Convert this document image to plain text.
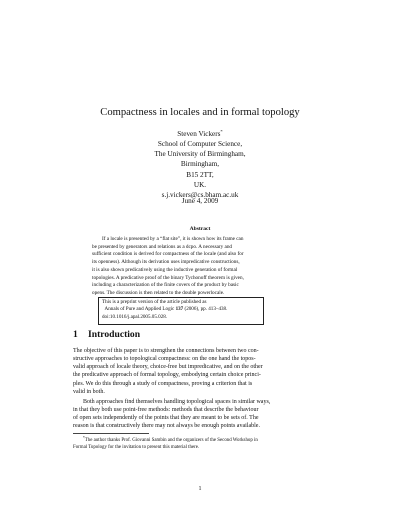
Compactness in locales and in formal topology
Steven Vickers*
School of Computer Science,
The University of Birmingham,
Birmingham,
B15 2TT,
UK.
s.j.vickers@cs.bham.ac.uk
June 4, 2009
Abstract
If a locale is presented by a “flat site”, it is shown how its frame can
be presented by generators and relations as a dcpo. A necessary and
sufficient condition is derived for compactness of the locale (and also for
its openness). Although its derivation uses impredicative constructions,
it is also shown predicatively using the inductive generation of formal
topologies. A predicative proof of the binary Tychonoff theorem is given,
including a characterization of the finite covers of the product by basic
opens. The discussion is then related to the double powerlocale.
This is a preprint version of the article published as
Annals of Pure and Applied Logic 137 (2006), pp. 413–438.
doi:10.1016/j.apal.2005.05.028.
1 Introduction
The objective of this paper is to strengthen the connections between two con-
structive approaches to topological compactness: on the one hand the topos-
valid approach of locale theory, choice-free but impredicative, and on the other
the predicative approach of formal topology, embodying certain choice princi-
ples. We do this through a study of compactness, proving a criterion that is
valid in both.
Both approaches find themselves handling topological spaces in similar ways,
in that they both use point-free methods: methods that describe the behaviour
of open sets independently of the points that they are meant to be sets of. The
reason is that constructively there may not always be enough points available.
*The author thanks Prof. Giovanni Sambin and the organizers of the Second Workshop in
Formal Topology for the invitation to present this material there.
1
